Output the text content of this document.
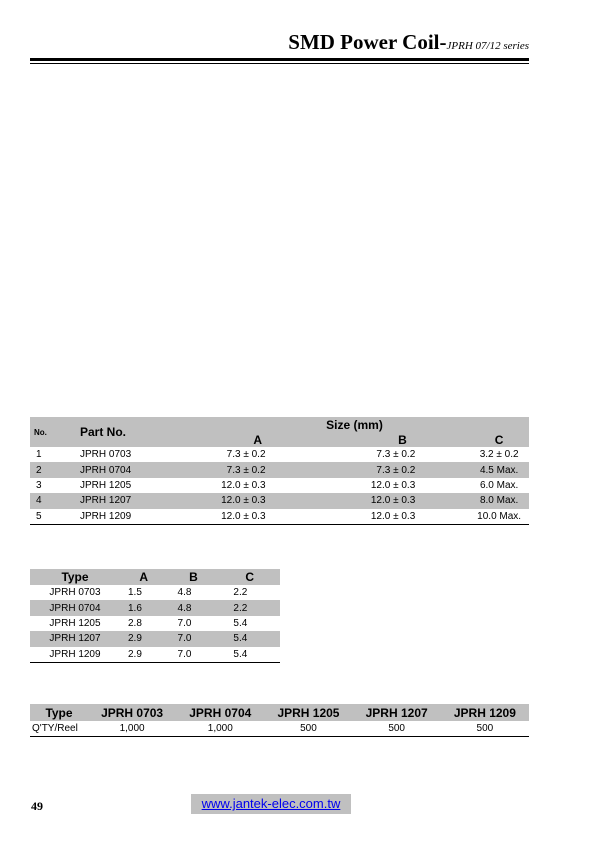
SMD Power Coil-JPRH 07/12 series
No.	Part No.	Size (mm)		
		A	B	C
1	JPRH 0703	7.3 ± 0.2	7.3 ± 0.2	3.2 ± 0.2
2	JPRH 0704	7.3 ± 0.2	7.3 ± 0.2	4.5 Max.
3	JPRH 1205	12.0 ± 0.3	12.0 ± 0.3	6.0 Max.
4	JPRH 1207	12.0 ± 0.3	12.0 ± 0.3	8.0 Max.
5	JPRH 1209	12.0 ± 0.3	12.0 ± 0.3	10.0 Max.
Type	A	B	C
JPRH 0703	1.5	4.8	2.2
JPRH 0704	1.6	4.8	2.2
JPRH 1205	2.8	7.0	5.4
JPRH 1207	2.9	7.0	5.4
JPRH 1209	2.9	7.0	5.4
Type	JPRH 0703	JPRH 0704	JPRH 1205	JPRH 1207	JPRH 1209
Q'TY/Reel	1,000	1,000	500	500	500
49	www.jantek-elec.com.tw
